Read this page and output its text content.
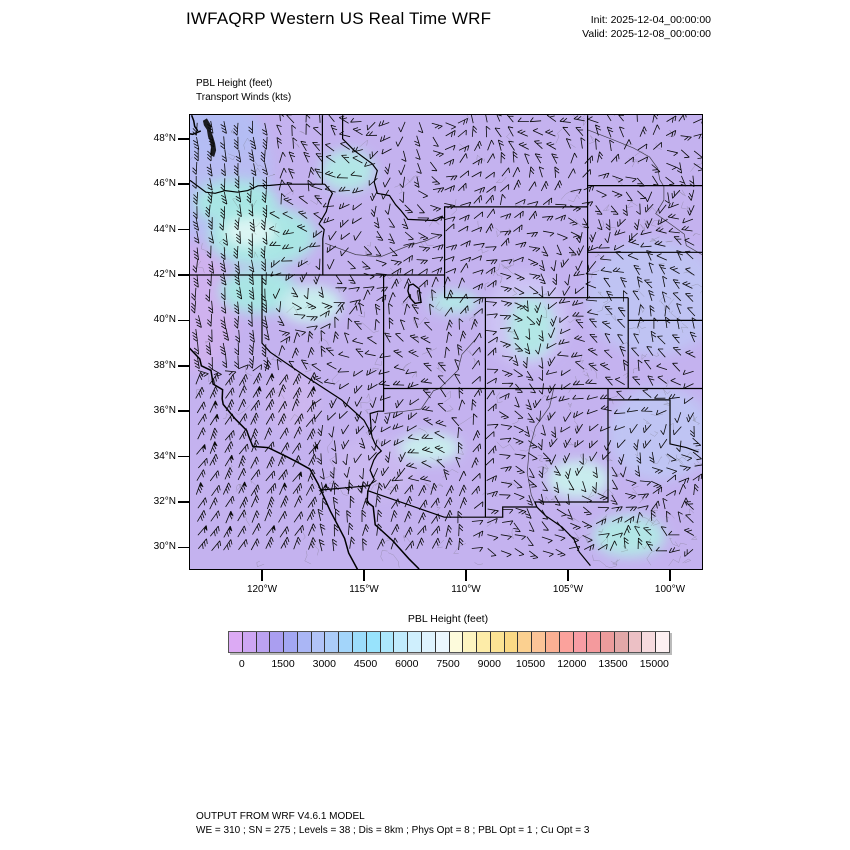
IWFAQRP Western US Real Time WRF	Init: 2025-12-04_00:00:00
Valid: 2025-12-08_00:00:00
PBL Height (feet)
Transport Winds (kts)
48°N
46°N
44°N
42°N
40°N
38°N
36°N
34°N
32°N
30°N
120°W	115°W	110°W	105°W	100°W
PBL Height (feet)
0	1500 3000 4500 6000 7500 9000 10500 12000 13500 15000
OUTPUT FROM WRF V4.6.1 MODEL
WE = 310 ; SN = 275 ; Levels = 38 ; Dis = 8km ; Phys Opt = 8 ; PBL Opt = 1 ; Cu Opt = 3
